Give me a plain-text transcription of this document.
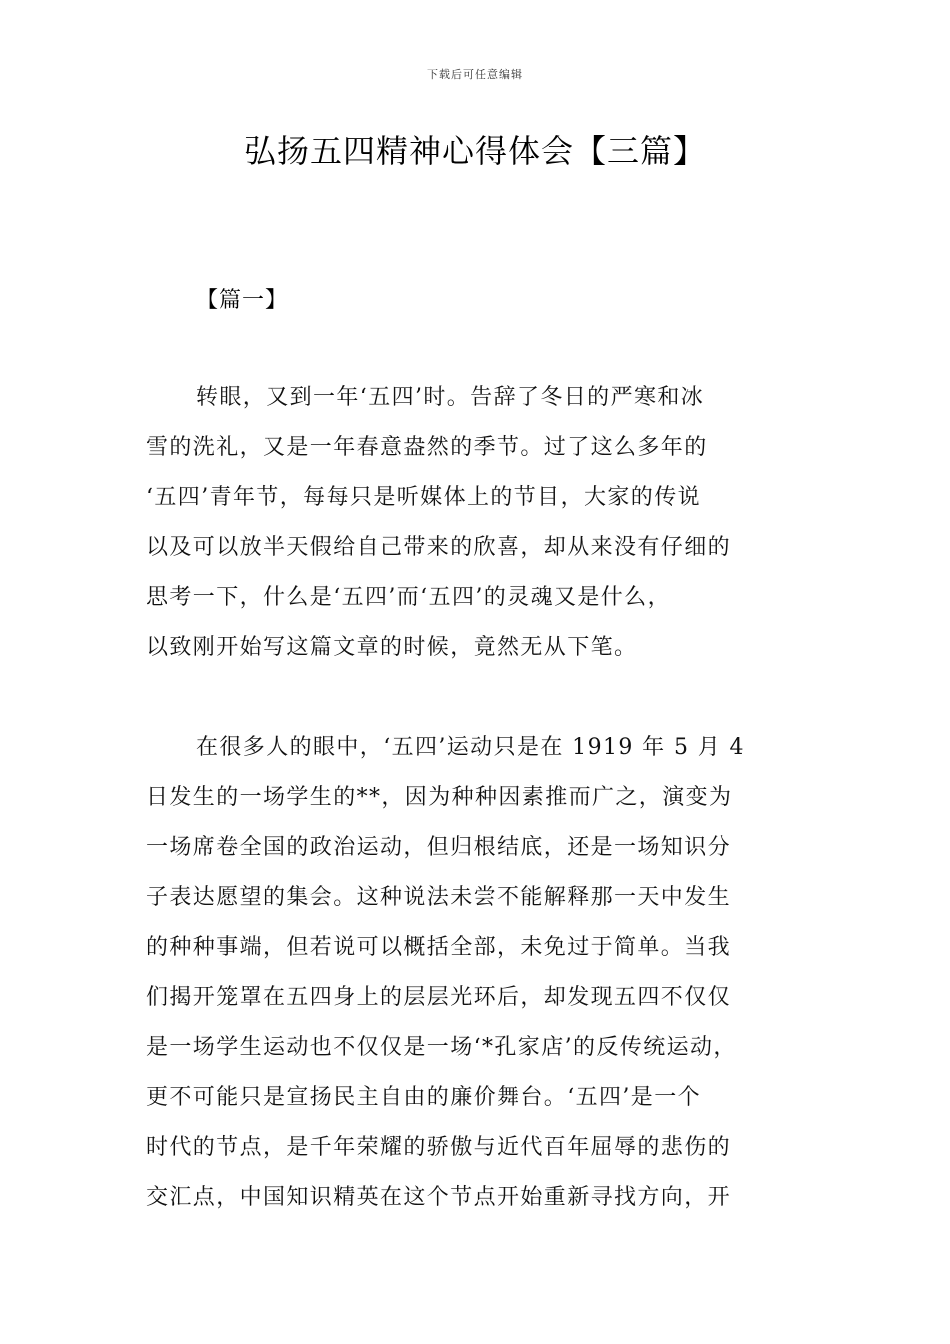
下载后可任意编辑
弘扬五四精神心得体会【三篇】
【篇一】

转眼，又到一年‘五四’时。告辞了冬日的严寒和冰
雪的洗礼，又是一年春意盎然的季节。过了这么多年的
‘五四’青年节，每每只是听媒体上的节目，大家的传说
以及可以放半天假给自己带来的欣喜，却从来没有仔细的
思考一下，什么是‘五四’而‘五四’的灵魂又是什么，
以致刚开始写这篇文章的时候，竟然无从下笔。

在很多人的眼中，‘五四’运动只是在 1919 年 5 月 4
日发生的一场学生的**，因为种种因素推而广之，演变为
一场席卷全国的政治运动，但归根结底，还是一场知识分
子表达愿望的集会。这种说法未尝不能解释那一天中发生
的种种事端，但若说可以概括全部，未免过于简单。当我
们揭开笼罩在五四身上的层层光环后，却发现五四不仅仅
是一场学生运动也不仅仅是一场‘*孔家店’的反传统运动，
更不可能只是宣扬民主自由的廉价舞台。‘五四’是一个
时代的节点，是千年荣耀的骄傲与近代百年屈辱的悲伤的
交汇点，中国知识精英在这个节点开始重新寻找方向，开
